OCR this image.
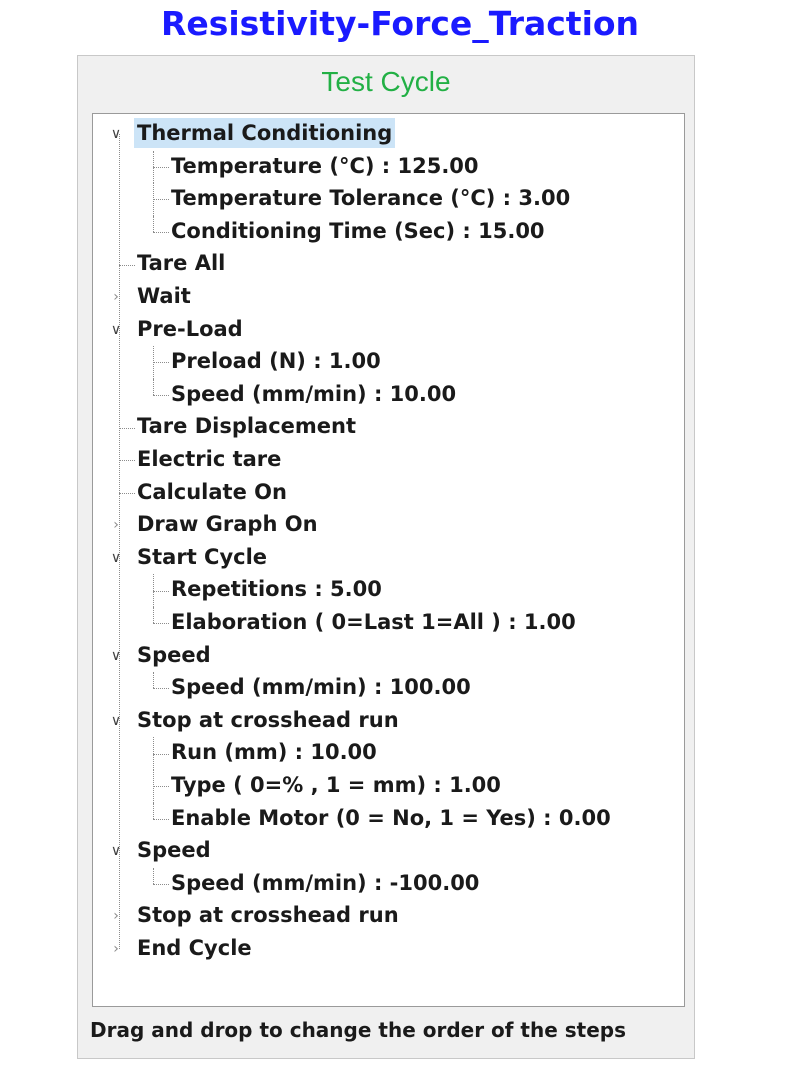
Resistivity-Force_Traction
Test Cycle
∨ Thermal Conditioning
Temperature (°C) : 125.00
Temperature Tolerance (°C) : 3.00
Conditioning Time (Sec) : 15.00
Tare All
› Wait
∨ Pre-Load
Preload (N) : 1.00
Speed (mm/min) : 10.00
Tare Displacement
Electric tare
Calculate On
› Draw Graph On
∨ Start Cycle
Repetitions : 5.00
Elaboration ( 0=Last 1=All ) : 1.00
∨ Speed
Speed (mm/min) : 100.00
∨ Stop at crosshead run
Run (mm) : 10.00
Type ( 0=% , 1 = mm) : 1.00
Enable Motor (0 = No, 1 = Yes) : 0.00
∨ Speed
Speed (mm/min) : -100.00
› Stop at crosshead run
› End Cycle
Drag and drop to change the order of the steps
